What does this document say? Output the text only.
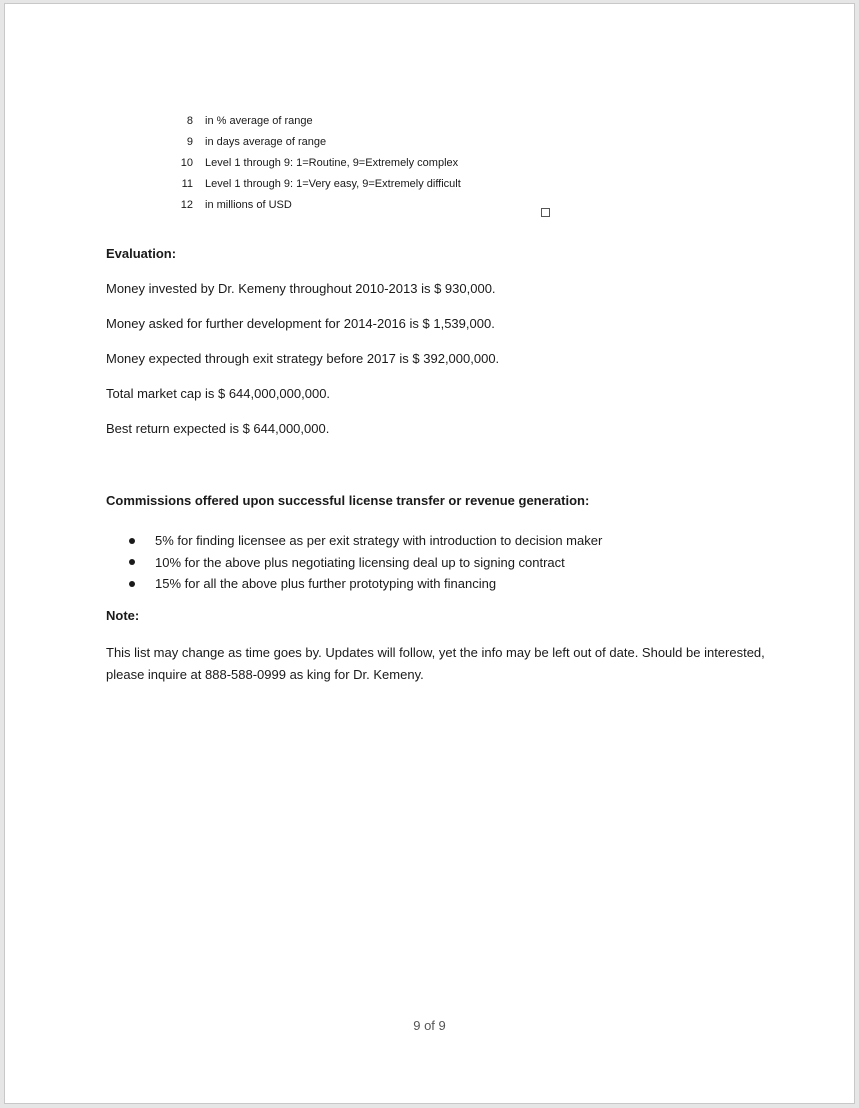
8 in % average of range
9 in days average of range
10 Level 1 through 9: 1=Routine, 9=Extremely complex
11 Level 1 through 9: 1=Very easy, 9=Extremely difficult
12 in millions of USD
Evaluation:
Money invested by Dr. Kemeny throughout 2010-2013 is $ 930,000.
Money asked for further development for 2014-2016 is $ 1,539,000.
Money expected through exit strategy before 2017 is $ 392,000,000.
Total market cap is $ 644,000,000,000.
Best return expected is $ 644,000,000.
Commissions offered upon successful license transfer or revenue generation:
5% for finding licensee as per exit strategy with introduction to decision maker
10% for the above plus negotiating licensing deal up to signing contract
15% for all the above plus further prototyping with financing
Note:
This list may change as time goes by. Updates will follow, yet the info may be left out of date. Should be interested, please inquire at 888-588-0999 as king for Dr. Kemeny.
9 of 9
